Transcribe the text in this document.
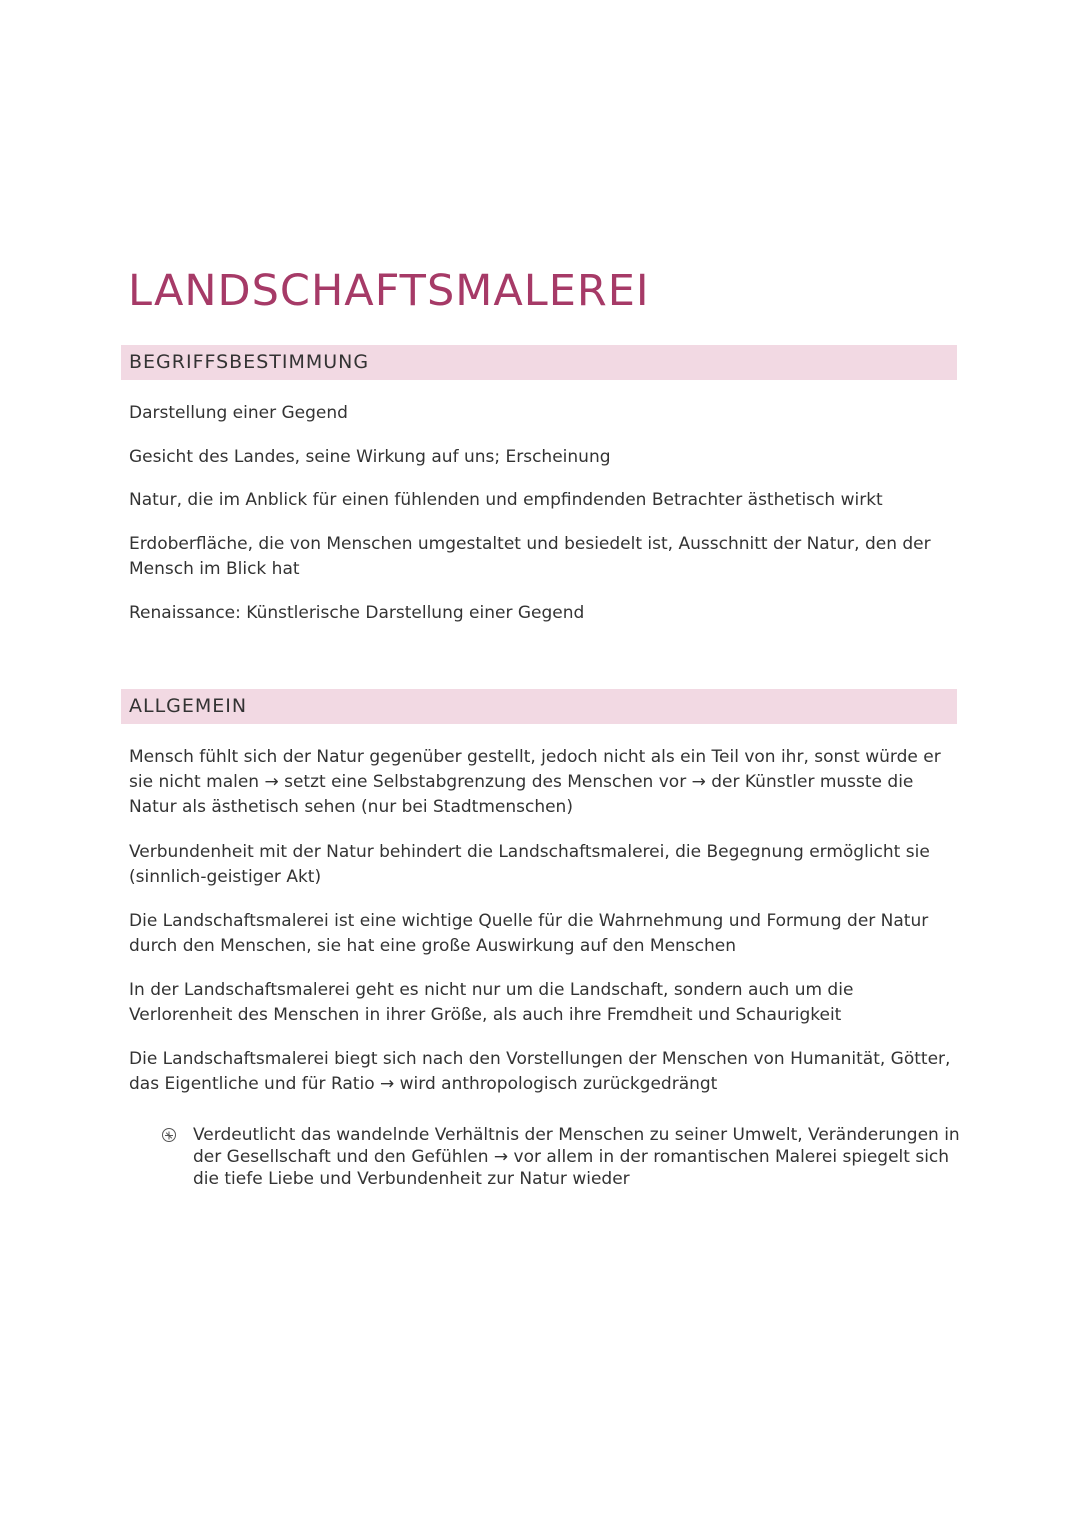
LANDSCHAFTSMALEREI
BEGRIFFSBESTIMMUNG

Darstellung einer Gegend

Gesicht des Landes, seine Wirkung auf uns; Erscheinung

Natur, die im Anblick für einen fühlenden und empfindenden Betrachter ästhetisch wirkt

Erdoberfläche, die von Menschen umgestaltet und besiedelt ist, Ausschnitt der Natur, den der Mensch im Blick hat

Renaissance: Künstlerische Darstellung einer Gegend

ALLGEMEIN

Mensch fühlt sich der Natur gegenüber gestellt, jedoch nicht als ein Teil von ihr, sonst würde er sie nicht malen → setzt eine Selbstabgrenzung des Menschen vor → der Künstler musste die Natur als ästhetisch sehen (nur bei Stadtmenschen)

Verbundenheit mit der Natur behindert die Landschaftsmalerei, die Begegnung ermöglicht sie (sinnlich-geistiger Akt)

Die Landschaftsmalerei ist eine wichtige Quelle für die Wahrnehmung und Formung der Natur durch den Menschen, sie hat eine große Auswirkung auf den Menschen

In der Landschaftsmalerei geht es nicht nur um die Landschaft, sondern auch um die Verlorenheit des Menschen in ihrer Größe, als auch ihre Fremdheit und Schaurigkeit

Die Landschaftsmalerei biegt sich nach den Vorstellungen der Menschen von Humanität, Götter, das Eigentliche und für Ratio → wird anthropologisch zurückgedrängt

Verdeutlicht das wandelnde Verhältnis der Menschen zu seiner Umwelt, Veränderungen in der Gesellschaft und den Gefühlen → vor allem in der romantischen Malerei spiegelt sich die tiefe Liebe und Verbundenheit zur Natur wieder
